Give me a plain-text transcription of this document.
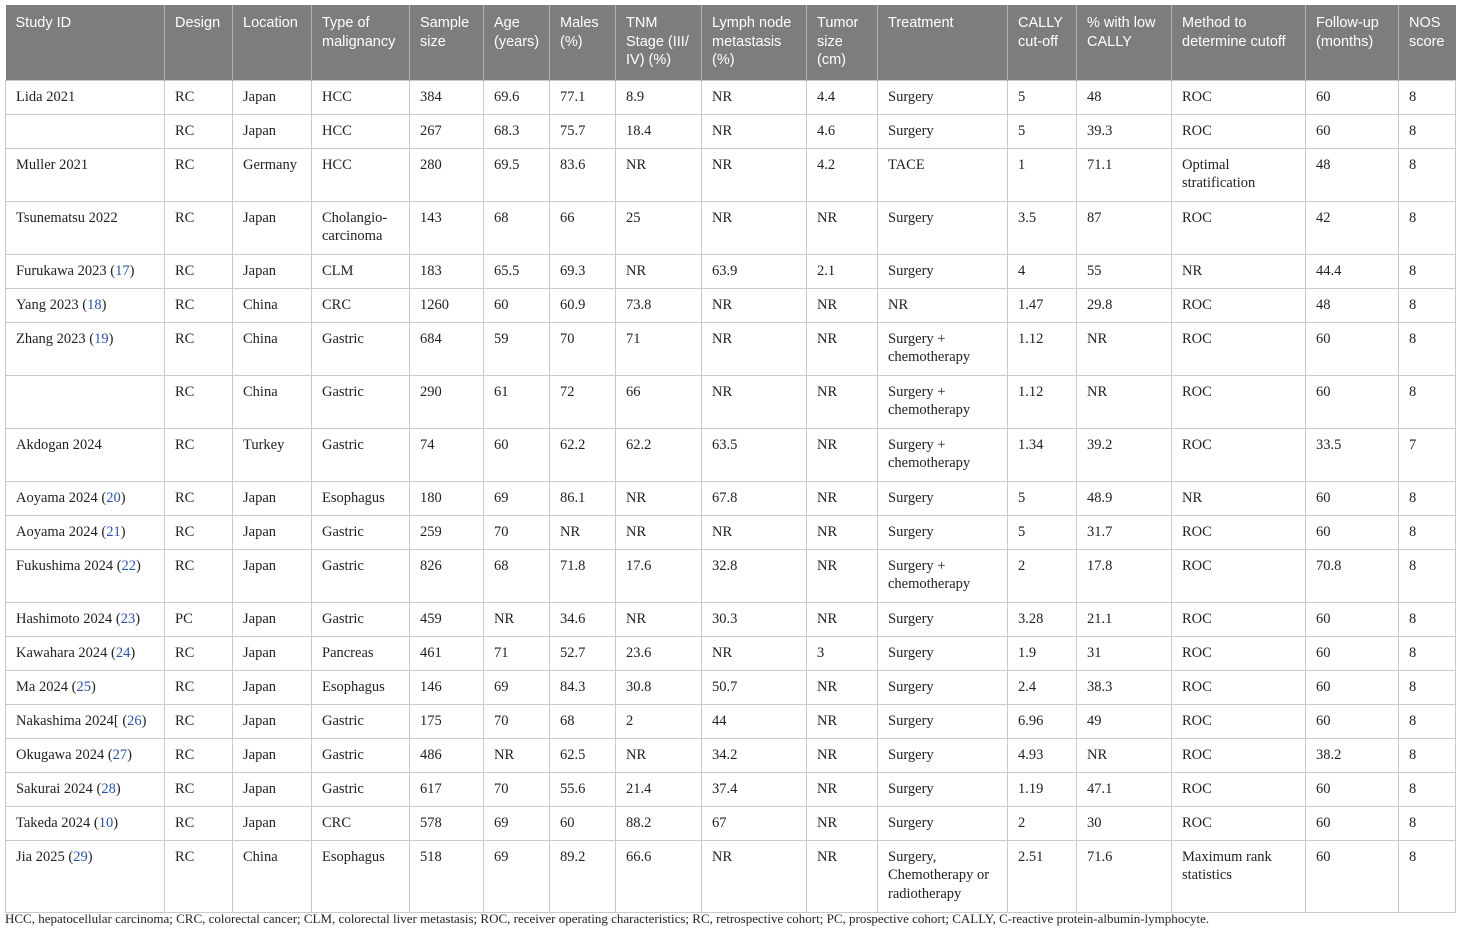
Study ID	Design	Location	Type of malignancy	Sample size	Age (years)	Males (%)	TNM Stage (III/ IV) (%)	Lymph node metastasis (%)	Tumor size (cm)	Treatment	CALLY cut-off	% with low CALLY	Method to determine cutoff	Follow-up (months)	NOS score
Lida 2021	RC	Japan	HCC	384	69.6	77.1	8.9	NR	4.4	Surgery	5	48	ROC	60	8
	RC	Japan	HCC	267	68.3	75.7	18.4	NR	4.6	Surgery	5	39.3	ROC	60	8
Muller 2021	RC	Germany	HCC	280	69.5	83.6	NR	NR	4.2	TACE	1	71.1	Optimal stratification	48	8
Tsunematsu 2022	RC	Japan	Cholangio-carcinoma	143	68	66	25	NR	NR	Surgery	3.5	87	ROC	42	8
Furukawa 2023 (17)	RC	Japan	CLM	183	65.5	69.3	NR	63.9	2.1	Surgery	4	55	NR	44.4	8
Yang 2023 (18)	RC	China	CRC	1260	60	60.9	73.8	NR	NR	NR	1.47	29.8	ROC	48	8
Zhang 2023 (19)	RC	China	Gastric	684	59	70	71	NR	NR	Surgery + chemotherapy	1.12	NR	ROC	60	8
	RC	China	Gastric	290	61	72	66	NR	NR	Surgery + chemotherapy	1.12	NR	ROC	60	8
Akdogan 2024	RC	Turkey	Gastric	74	60	62.2	62.2	63.5	NR	Surgery + chemotherapy	1.34	39.2	ROC	33.5	7
Aoyama 2024 (20)	RC	Japan	Esophagus	180	69	86.1	NR	67.8	NR	Surgery	5	48.9	NR	60	8
Aoyama 2024 (21)	RC	Japan	Gastric	259	70	NR	NR	NR	NR	Surgery	5	31.7	ROC	60	8
Fukushima 2024 (22)	RC	Japan	Gastric	826	68	71.8	17.6	32.8	NR	Surgery + chemotherapy	2	17.8	ROC	70.8	8
Hashimoto 2024 (23)	PC	Japan	Gastric	459	NR	34.6	NR	30.3	NR	Surgery	3.28	21.1	ROC	60	8
Kawahara 2024 (24)	RC	Japan	Pancreas	461	71	52.7	23.6	NR	3	Surgery	1.9	31	ROC	60	8
Ma 2024 (25)	RC	Japan	Esophagus	146	69	84.3	30.8	50.7	NR	Surgery	2.4	38.3	ROC	60	8
Nakashima 2024[ (26)	RC	Japan	Gastric	175	70	68	2	44	NR	Surgery	6.96	49	ROC	60	8
Okugawa 2024 (27)	RC	Japan	Gastric	486	NR	62.5	NR	34.2	NR	Surgery	4.93	NR	ROC	38.2	8
Sakurai 2024 (28)	RC	Japan	Gastric	617	70	55.6	21.4	37.4	NR	Surgery	1.19	47.1	ROC	60	8
Takeda 2024 (10)	RC	Japan	CRC	578	69	60	88.2	67	NR	Surgery	2	30	ROC	60	8
Jia 2025 (29)	RC	China	Esophagus	518	69	89.2	66.6	NR	NR	Surgery, Chemotherapy or radiotherapy	2.51	71.6	Maximum rank statistics	60	8
HCC, hepatocellular carcinoma; CRC, colorectal cancer; CLM, colorectal liver metastasis; ROC, receiver operating characteristics; RC, retrospective cohort; PC, prospective cohort; CALLY, C-reactive protein-albumin-lymphocyte.
